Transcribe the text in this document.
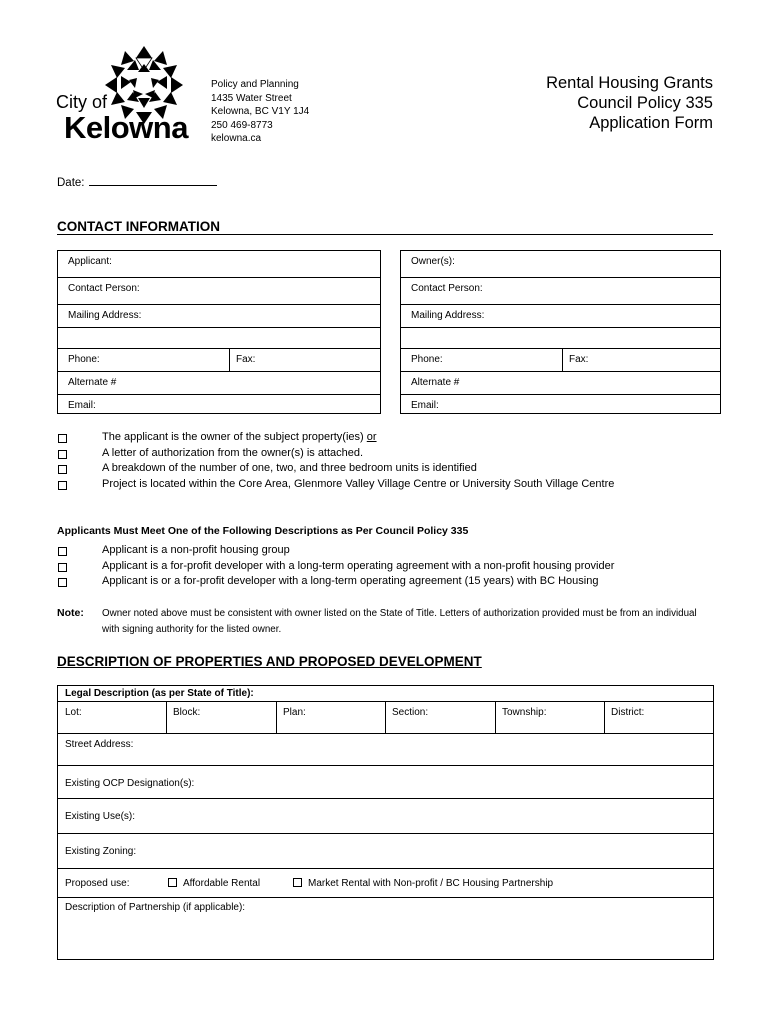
City of
Kelowna
Policy and Planning
1435 Water Street
Kelowna, BC V1Y 1J4
250 469-8773
kelowna.ca
Rental Housing Grants
Council Policy 335
Application Form
Date:
CONTACT INFORMATION
Applicant:
Contact Person:
Mailing Address:
Phone:	Fax:
Alternate #
Email:
Owner(s):
Contact Person:
Mailing Address:
Phone:	Fax:
Alternate #
Email:
The applicant is the owner of the subject property(ies) or
A letter of authorization from the owner(s) is attached.
A breakdown of the number of one, two, and three bedroom units is identified
Project is located within the Core Area, Glenmore Valley Village Centre or University South Village Centre
Applicants Must Meet One of the Following Descriptions as Per Council Policy 335
Applicant is a non-profit housing group
Applicant is a for-profit developer with a long-term operating agreement with a non-profit housing provider
Applicant is or a for-profit developer with a long-term operating agreement (15 years) with BC Housing
Note: Owner noted above must be consistent with owner listed on the State of Title. Letters of authorization provided must be from an individual with signing authority for the listed owner.
DESCRIPTION OF PROPERTIES AND PROPOSED DEVELOPMENT
Legal Description (as per State of Title):
Lot:	Block:	Plan:	Section:	Township:	District:
Street Address:
Existing OCP Designation(s):
Existing Use(s):
Existing Zoning:
Proposed use:	Affordable Rental	Market Rental with Non-profit / BC Housing Partnership
Description of Partnership (if applicable):
